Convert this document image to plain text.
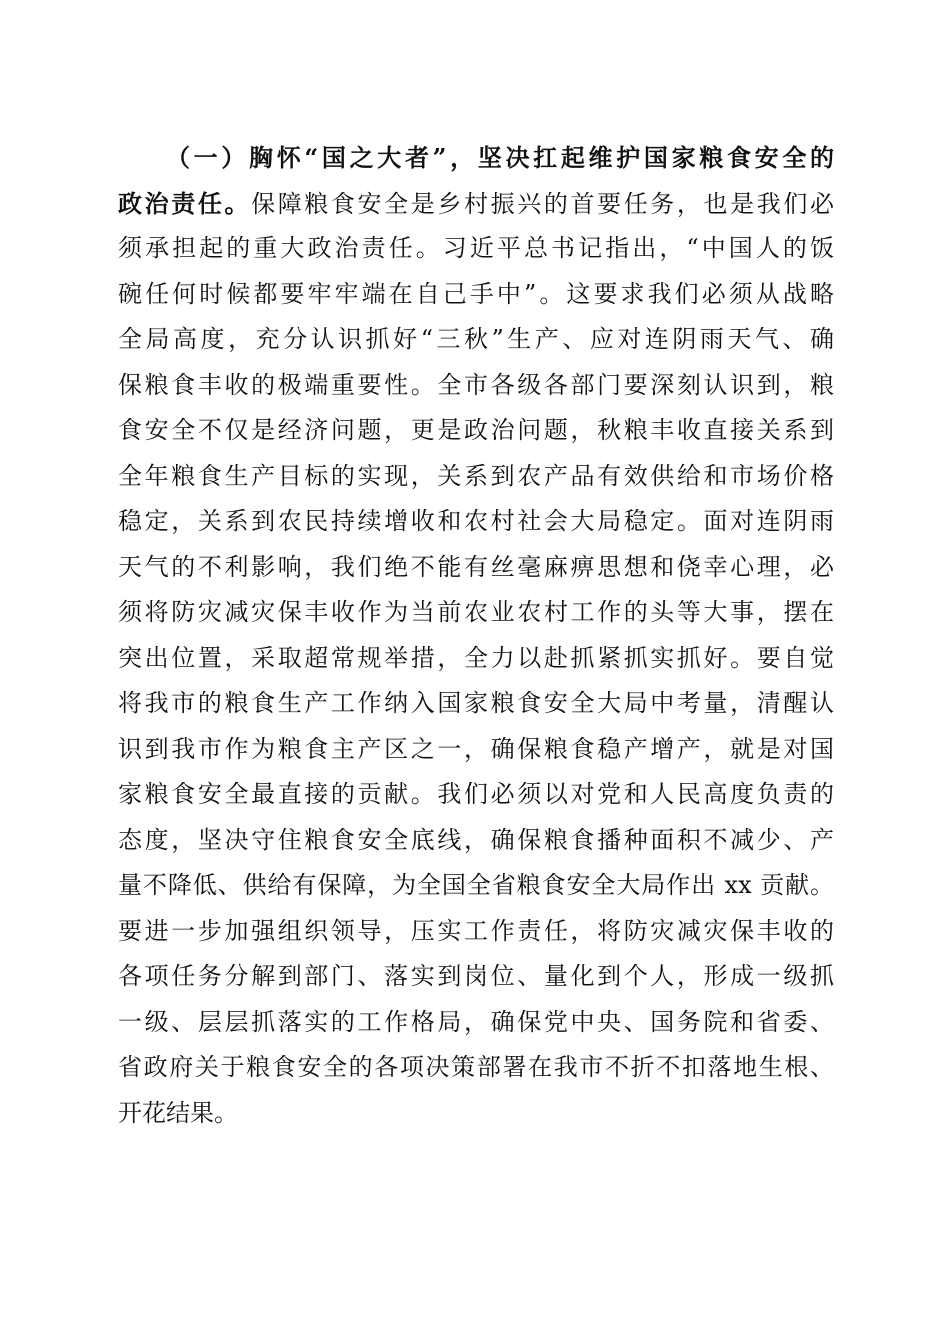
（一）胸怀“国之大者”，坚决扛起维护国家粮食安全的
政治责任。保障粮食安全是乡村振兴的首要任务，也是我们必
须承担起的重大政治责任。习近平总书记指出，“中国人的饭
碗任何时候都要牢牢端在自己手中”。这要求我们必须从战略
全局高度，充分认识抓好“三秋”生产、应对连阴雨天气、确
保粮食丰收的极端重要性。全市各级各部门要深刻认识到，粮
食安全不仅是经济问题，更是政治问题，秋粮丰收直接关系到
全年粮食生产目标的实现，关系到农产品有效供给和市场价格
稳定，关系到农民持续增收和农村社会大局稳定。面对连阴雨
天气的不利影响，我们绝不能有丝毫麻痹思想和侥幸心理，必
须将防灾减灾保丰收作为当前农业农村工作的头等大事，摆在
突出位置，采取超常规举措，全力以赴抓紧抓实抓好。要自觉
将我市的粮食生产工作纳入国家粮食安全大局中考量，清醒认
识到我市作为粮食主产区之一，确保粮食稳产增产，就是对国
家粮食安全最直接的贡献。我们必须以对党和人民高度负责的
态度，坚决守住粮食安全底线，确保粮食播种面积不减少、产
量不降低、供给有保障，为全国全省粮食安全大局作出 xx 贡献。
要进一步加强组织领导，压实工作责任，将防灾减灾保丰收的
各项任务分解到部门、落实到岗位、量化到个人，形成一级抓
一级、层层抓落实的工作格局，确保党中央、国务院和省委、
省政府关于粮食安全的各项决策部署在我市不折不扣落地生根、
开花结果。
